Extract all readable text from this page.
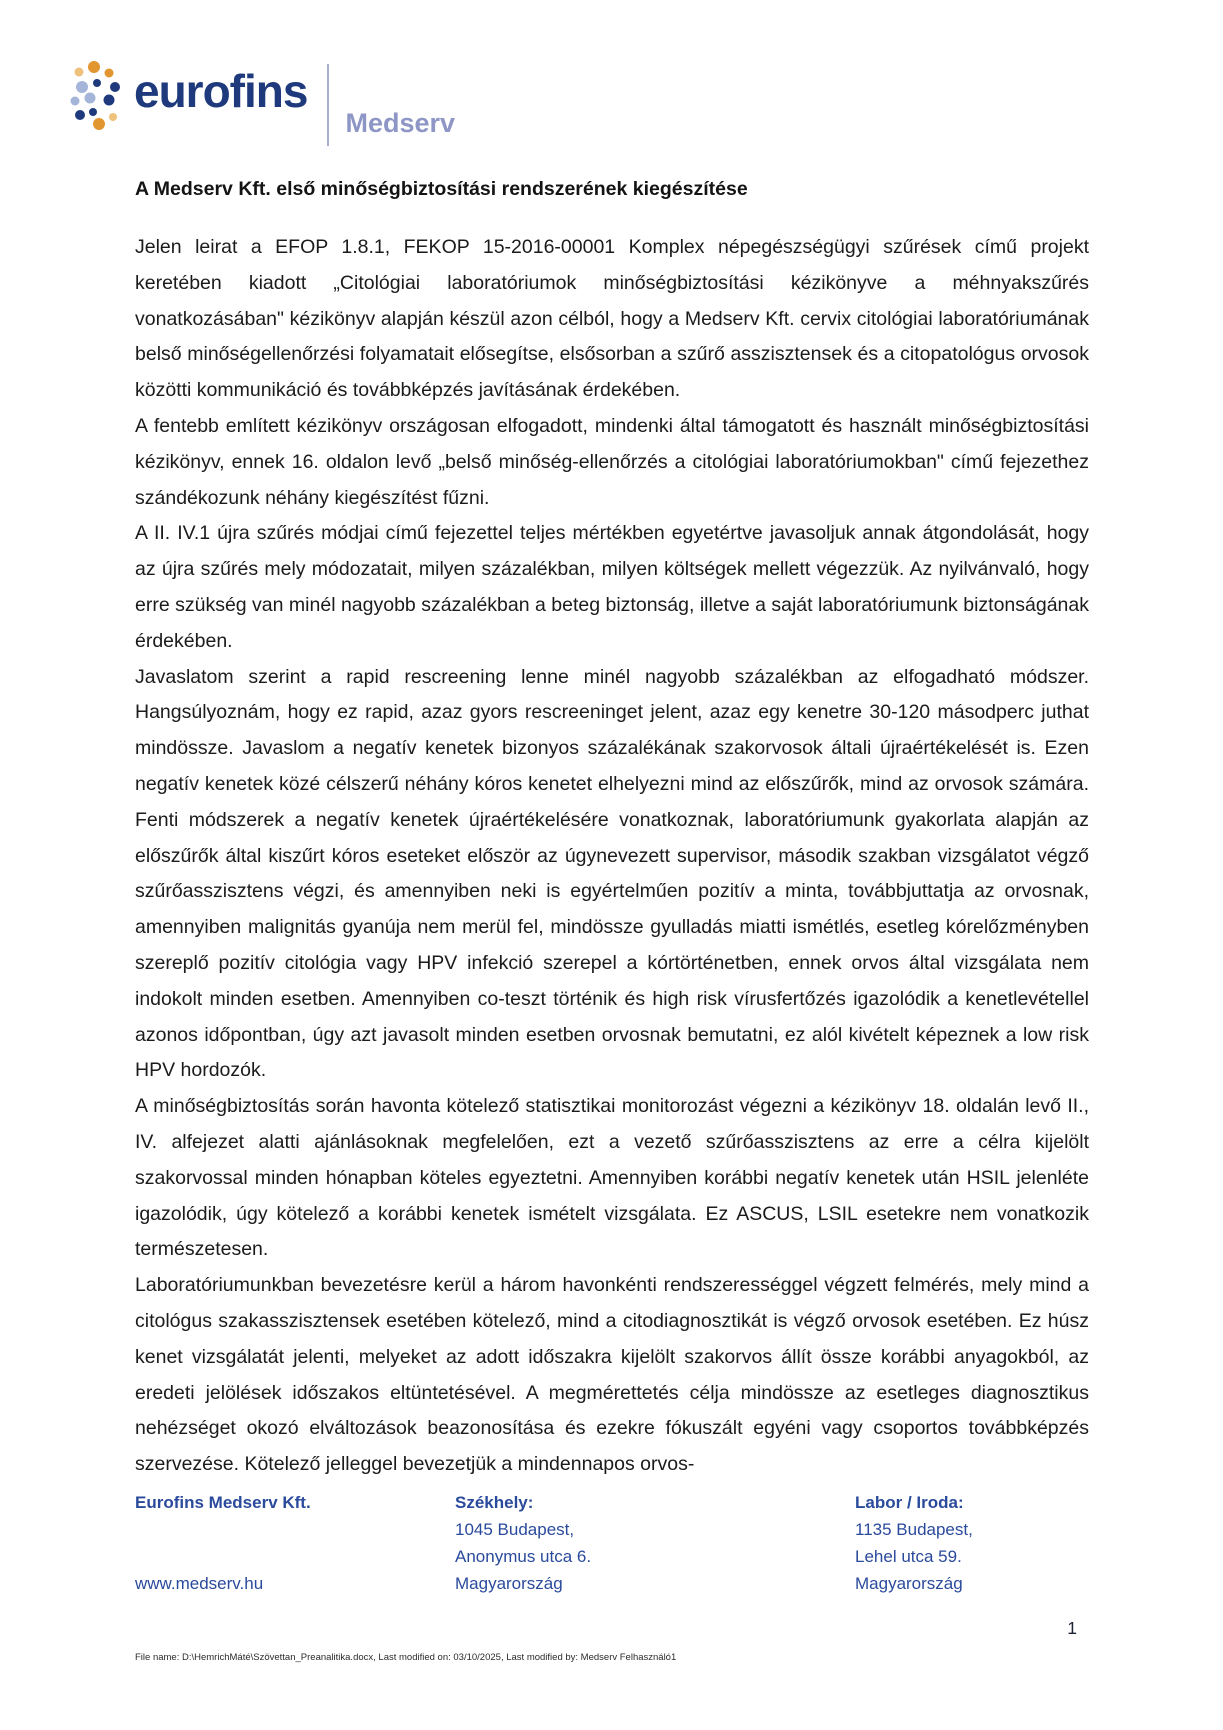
eurofins
Medserv
A Medserv Kft. első minőségbiztosítási rendszerének kiegészítése

Jelen leirat a EFOP 1.8.1, FEKOP 15-2016-00001 Komplex népegészségügyi szűrések című projekt keretében kiadott „Citológiai laboratóriumok minőségbiztosítási kézikönyve a méhnyakszűrés vonatkozásában" kézikönyv alapján készül azon célból, hogy a Medserv Kft. cervix citológiai laboratóriumának belső minőségellenőrzési folyamatait elősegítse, elsősorban a szűrő asszisztensek és a citopatológus orvosok közötti kommunikáció és továbbképzés javításának érdekében.

A fentebb említett kézikönyv országosan elfogadott, mindenki által támogatott és használt minőségbiztosítási kézikönyv, ennek 16. oldalon levő „belső minőség-ellenőrzés a citológiai laboratóriumokban" című fejezethez szándékozunk néhány kiegészítést fűzni.

A II. IV.1 újra szűrés módjai című fejezettel teljes mértékben egyetértve javasoljuk annak átgondolását, hogy az újra szűrés mely módozatait, milyen százalékban, milyen költségek mellett végezzük. Az nyilvánvaló, hogy erre szükség van minél nagyobb százalékban a beteg biztonság, illetve a saját laboratóriumunk biztonságának érdekében.

Javaslatom szerint a rapid rescreening lenne minél nagyobb százalékban az elfogadható módszer. Hangsúlyoznám, hogy ez rapid, azaz gyors rescreeninget jelent, azaz egy kenetre 30-120 másodperc juthat mindössze. Javaslom a negatív kenetek bizonyos százalékának szakorvosok általi újraértékelését is. Ezen negatív kenetek közé célszerű néhány kóros kenetet elhelyezni mind az előszűrők, mind az orvosok számára. Fenti módszerek a negatív kenetek újraértékelésére vonatkoznak, laboratóriumunk gyakorlata alapján az előszűrők által kiszűrt kóros eseteket először az úgynevezett supervisor, második szakban vizsgálatot végző szűrőasszisztens végzi, és amennyiben neki is egyértelműen pozitív a minta, továbbjuttatja az orvosnak, amennyiben malignitás gyanúja nem merül fel, mindössze gyulladás miatti ismétlés, esetleg kórelőzményben szereplő pozitív citológia vagy HPV infekció szerepel a kórtörténetben, ennek orvos által vizsgálata nem indokolt minden esetben. Amennyiben co-teszt történik és high risk vírusfertőzés igazolódik a kenetlevétellel azonos időpontban, úgy azt javasolt minden esetben orvosnak bemutatni, ez alól kivételt képeznek a low risk HPV hordozók.

A minőségbiztosítás során havonta kötelező statisztikai monitorozást végezni a kézikönyv 18. oldalán levő II., IV. alfejezet alatti ajánlásoknak megfelelően, ezt a vezető szűrőasszisztens az erre a célra kijelölt szakorvossal minden hónapban köteles egyeztetni. Amennyiben korábbi negatív kenetek után HSIL jelenléte igazolódik, úgy kötelező a korábbi kenetek ismételt vizsgálata. Ez ASCUS, LSIL esetekre nem vonatkozik természetesen.

Laboratóriumunkban bevezetésre kerül a három havonkénti rendszerességgel végzett felmérés, mely mind a citológus szakasszisztensek esetében kötelező, mind a citodiagnosztikát is végző orvosok esetében. Ez húsz kenet vizsgálatát jelenti, melyeket az adott időszakra kijelölt szakorvos állít össze korábbi anyagokból, az eredeti jelölések időszakos eltüntetésével. A megmérettetés célja mindössze az esetleges diagnosztikus nehézséget okozó elváltozások beazonosítása és ezekre fókuszált egyéni vagy csoportos továbbképzés szervezése. Kötelező jelleggel bevezetjük a mindennapos orvos-

Eurofins Medserv Kft.
www.medserv.hu
Székhely:
1045 Budapest,
Anonymus utca 6.
Magyarország
Labor / Iroda:
1135 Budapest,
Lehel utca 59.
Magyarország
1
File name: D:\HemrichMáté\Szövettan_Preanalitika.docx, Last modified on: 03/10/2025, Last modified by: Medserv Felhasználó1
